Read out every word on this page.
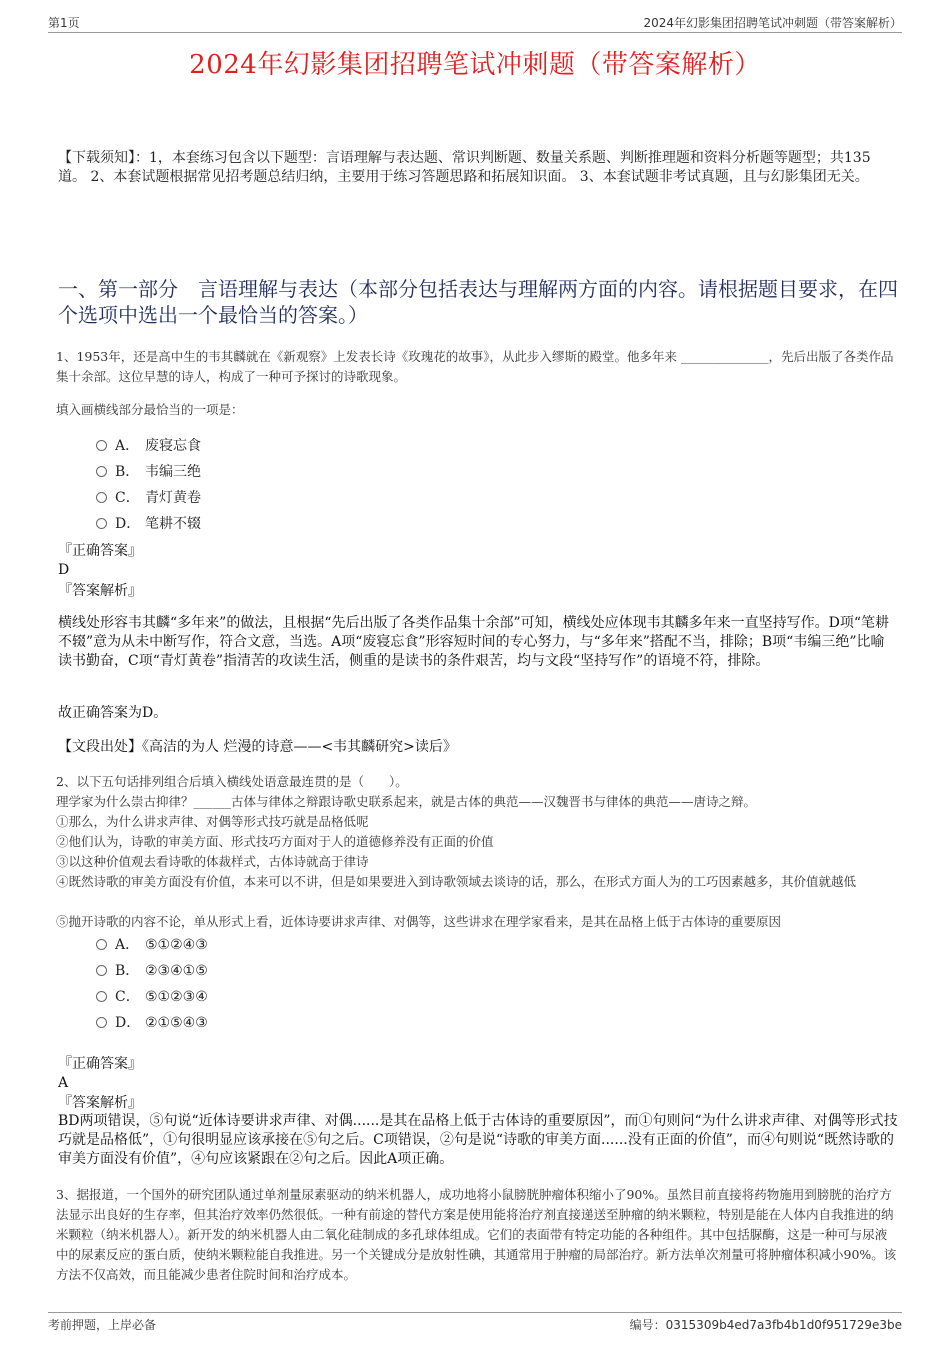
第1页	2024年幻影集团招聘笔试冲刺题（带答案解析）
2024年幻影集团招聘笔试冲刺题（带答案解析）

【下载须知】：1，本套练习包含以下题型：言语理解与表达题、常识判断题、数量关系题、判断推理题和资料分析题等题型；共135道。 2、本套试题根据常见招考题总结归纳，主要用于练习答题思路和拓展知识面。 3、本套试题非考试真题，且与幻影集团无关。

一、第一部分　言语理解与表达（本部分包括表达与理解两方面的内容。请根据题目要求，在四个选项中选出一个最恰当的答案。）

1、1953年，还是高中生的韦其麟就在《新观察》上发表长诗《玫瑰花的故事》，从此步入缪斯的殿堂。他多年来 ______________，先后出版了各类作品集十余部。这位早慧的诗人，构成了一种可予探讨的诗歌现象。

填入画横线部分最恰当的一项是：

A． 废寝忘食
B． 韦编三绝
C． 青灯黄卷
D． 笔耕不辍
『正确答案』
D
『答案解析』

横线处形容韦其麟“多年来”的做法，且根据“先后出版了各类作品集十余部”可知，横线处应体现韦其麟多年来一直坚持写作。D项“笔耕不辍”意为从未中断写作，符合文意，当选。A项“废寝忘食”形容短时间的专心努力，与“多年来”搭配不当，排除；B项“韦编三绝”比喻读书勤奋，C项“青灯黄卷”指清苦的攻读生活，侧重的是读书的条件艰苦，均与文段“坚持写作”的语境不符，排除。

故正确答案为D。

【文段出处】《高洁的为人 烂漫的诗意——<韦其麟研究>读后》

2、以下五句话排列组合后填入横线处语意最连贯的是（　　）。

理学家为什么崇古抑律？______古体与律体之辩跟诗歌史联系起来，就是古体的典范——汉魏晋书与律体的典范——唐诗之辩。

①那么，为什么讲求声律、对偶等形式技巧就是品格低呢

②他们认为，诗歌的审美方面、形式技巧方面对于人的道德修养没有正面的价值

③以这种价值观去看诗歌的体裁样式，古体诗就高于律诗

④既然诗歌的审美方面没有价值，本来可以不讲，但是如果要进入到诗歌领域去谈诗的话，那么，在形式方面人为的工巧因素越多，其价值就越低

⑤抛开诗歌的内容不论，单从形式上看，近体诗要讲求声律、对偶等，这些讲求在理学家看来，是其在品格上低于古体诗的重要原因

A． ⑤①②④③
B． ②③④①⑤
C． ⑤①②③④
D． ②①⑤④③
『正确答案』
A
『答案解析』

BD两项错误，⑤句说“近体诗要讲求声律、对偶......是其在品格上低于古体诗的重要原因”，而①句则问“为什么讲求声律、对偶等形式技巧就是品格低”，①句很明显应该承接在⑤句之后。C项错误，②句是说“诗歌的审美方面......没有正面的价值”，而④句则说“既然诗歌的审美方面没有价值”，④句应该紧跟在②句之后。因此A项正确。

3、据报道，一个国外的研究团队通过单剂量尿素驱动的纳米机器人，成功地将小鼠膀胱肿瘤体积缩小了90%。虽然目前直接将药物施用到膀胱的治疗方法显示出良好的生存率，但其治疗效率仍然很低。一种有前途的替代方案是使用能将治疗剂直接递送至肿瘤的纳米颗粒，特别是能在人体内自我推进的纳米颗粒（纳米机器人）。新开发的纳米机器人由二氧化硅制成的多孔球体组成。它们的表面带有特定功能的各种组件。其中包括脲酶，这是一种可与尿液中的尿素反应的蛋白质，使纳米颗粒能自我推进。另一个关键成分是放射性碘，其通常用于肿瘤的局部治疗。新方法单次剂量可将肿瘤体积减小90%。该方法不仅高效，而且能减少患者住院时间和治疗成本。

考前押题，上岸必备	编号：0315309b4ed7a3fb4b1d0f951729e3be
